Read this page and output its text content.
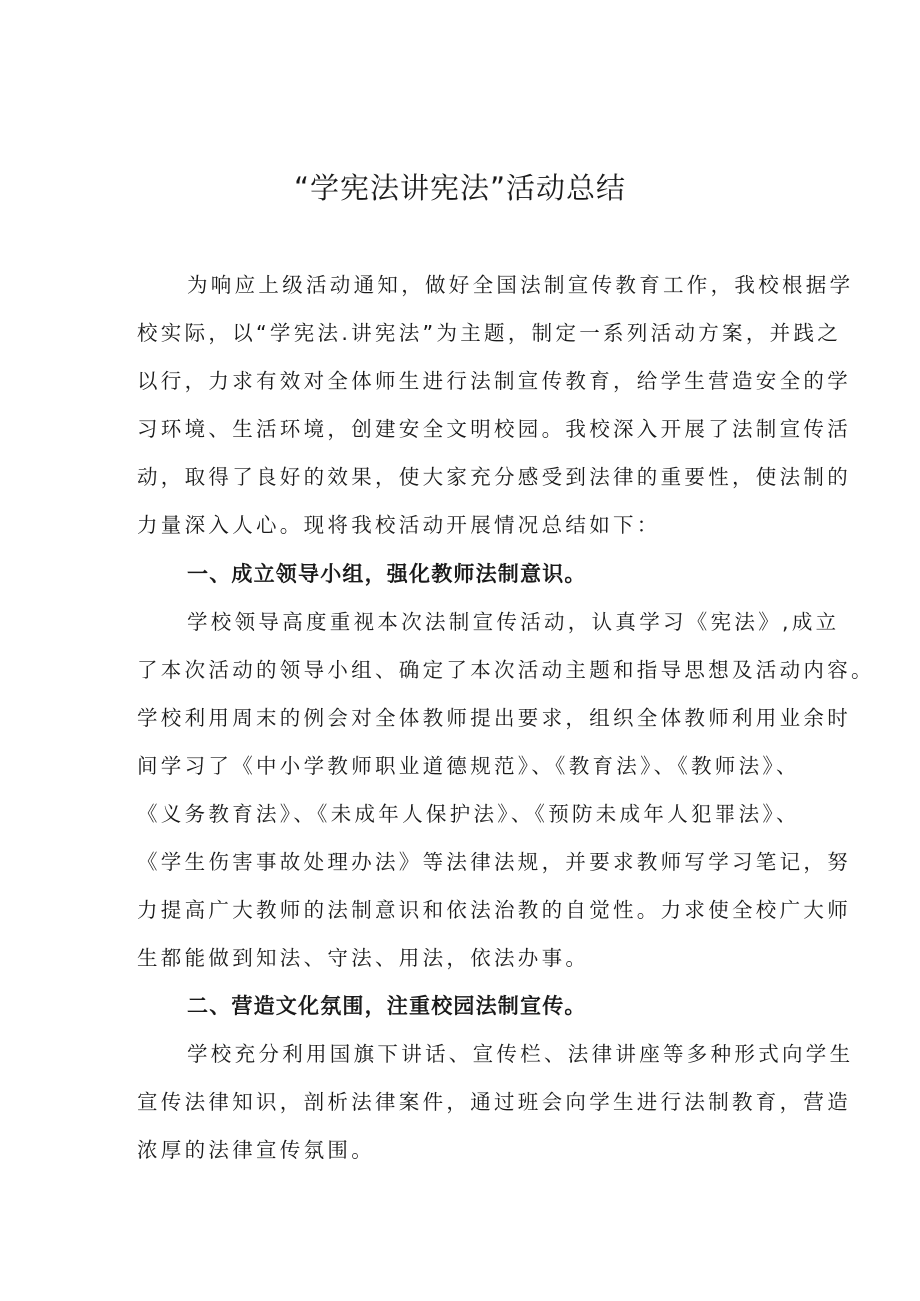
“学宪法讲宪法”活动总结

为响应上级活动通知，做好全国法制宣传教育工作，我校根据学

校实际，以“学宪法.讲宪法”为主题，制定一系列活动方案，并践之

以行，力求有效对全体师生进行法制宣传教育，给学生营造安全的学

习环境、生活环境，创建安全文明校园。我校深入开展了法制宣传活

动，取得了良好的效果，使大家充分感受到法律的重要性，使法制的

力量深入人心。现将我校活动开展情况总结如下：

一、成立领导小组，强化教师法制意识。

学校领导高度重视本次法制宣传活动，认真学习《宪法》,成立

了本次活动的领导小组、确定了本次活动主题和指导思想及活动内容。

学校利用周末的例会对全体教师提出要求，组织全体教师利用业余时

间学习了《中小学教师职业道德规范》、《教育法》、《教师法》、

《义务教育法》、《未成年人保护法》、《预防未成年人犯罪法》、

《学生伤害事故处理办法》等法律法规，并要求教师写学习笔记，努

力提高广大教师的法制意识和依法治教的自觉性。力求使全校广大师

生都能做到知法、守法、用法，依法办事。

二、营造文化氛围，注重校园法制宣传。

学校充分利用国旗下讲话、宣传栏、法律讲座等多种形式向学生

宣传法律知识，剖析法律案件，通过班会向学生进行法制教育，营造

浓厚的法律宣传氛围。
